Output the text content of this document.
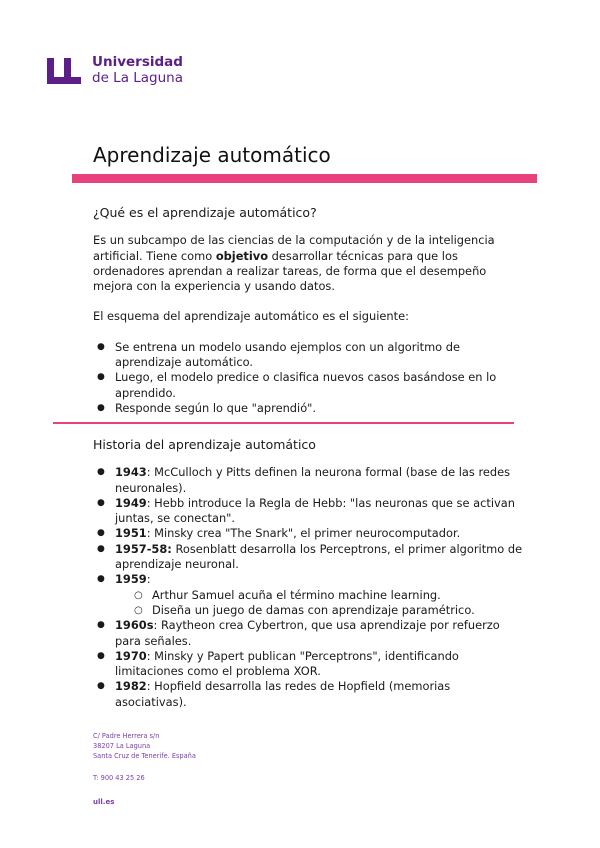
Universidad
de La Laguna
Aprendizaje automático
¿Qué es el aprendizaje automático?

Es un subcampo de las ciencias de la computación y de la inteligencia artificial. Tiene como objetivo desarrollar técnicas para que los ordenadores aprendan a realizar tareas, de forma que el desempeño mejora con la experiencia y usando datos.

El esquema del aprendizaje automático es el siguiente:

● Se entrena un modelo usando ejemplos con un algoritmo de aprendizaje automático.
● Luego, el modelo predice o clasifica nuevos casos basándose en lo aprendido.
● Responde según lo que "aprendió".
Historia del aprendizaje automático
● 1943: McCulloch y Pitts definen la neurona formal (base de las redes neuronales).
● 1949: Hebb introduce la Regla de Hebb: "las neuronas que se activan juntas, se conectan".
● 1951: Minsky crea "The Snark", el primer neurocomputador.
● 1957-58: Rosenblatt desarrolla los Perceptrons, el primer algoritmo de aprendizaje neuronal.
● 1959:
○ Arthur Samuel acuña el término machine learning.
○ Diseña un juego de damas con aprendizaje paramétrico.
● 1960s: Raytheon crea Cybertron, que usa aprendizaje por refuerzo para señales.
● 1970: Minsky y Papert publican "Perceptrons", identificando limitaciones como el problema XOR.
● 1982: Hopfield desarrolla las redes de Hopfield (memorias asociativas).
C/ Padre Herrera s/n
38207 La Laguna
Santa Cruz de Tenerife. España
T: 900 43 25 26
ull.es
